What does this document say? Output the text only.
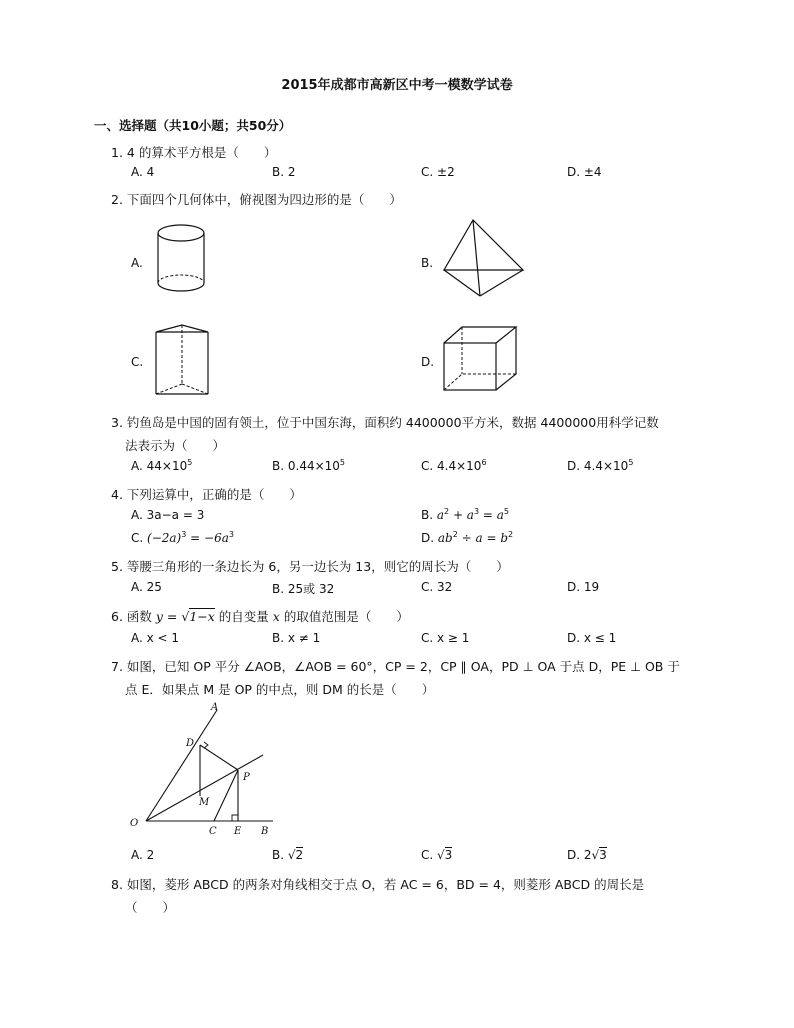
2015年成都市高新区中考一模数学试卷
一、选择题（共10小题；共50分）
1. 4 的算术平方根是（　　）
A. 4	B. 2	C. ±2	D. ±4
2. 下面四个几何体中，俯视图为四边形的是（　　）
A.	B.
C.	D.
3. 钓鱼岛是中国的固有领土，位于中国东海，面积约 4400000平方米，数据 4400000用科学记数
法表示为（　　）
A. $44\times 10^5$	B. $0.44\times 10^5$	C. $4.4\times 10^6$	D. $4.4\times 10^5$
4. 下列运算中，正确的是（　　）
A. 3a−a = 3	B. $a^2 + a^3 = a^5$
C. $(-2a)^3 = -6a^3$	D. $ab^2 \div a = b^2$
5. 等腰三角形的一条边长为 6，另一边长为 13，则它的周长为（　　）
A. 25	B. 25或 32	C. 32	D. 19
6. 函数 y = √1−x 的自变量 x 的取值范围是（　　）
A. x < 1	B. x ≠ 1	C. x ≥ 1	D. x ≤ 1
7. 如图，已知 OP 平分 ∠AOB，∠AOB = 60°，CP = 2，CP ∥ OA，PD ⊥ OA 于点 D，PE ⊥ OB 于
点 E．如果点 M 是 OP 的中点，则 DM 的长是（　　）
A
D
P
M
O
C E B
A. 2	B. √2	C. √3	D. 2√3
8. 如图，菱形 ABCD 的两条对角线相交于点 O，若 AC = 6，BD = 4，则菱形 ABCD 的周长是
（　　）
